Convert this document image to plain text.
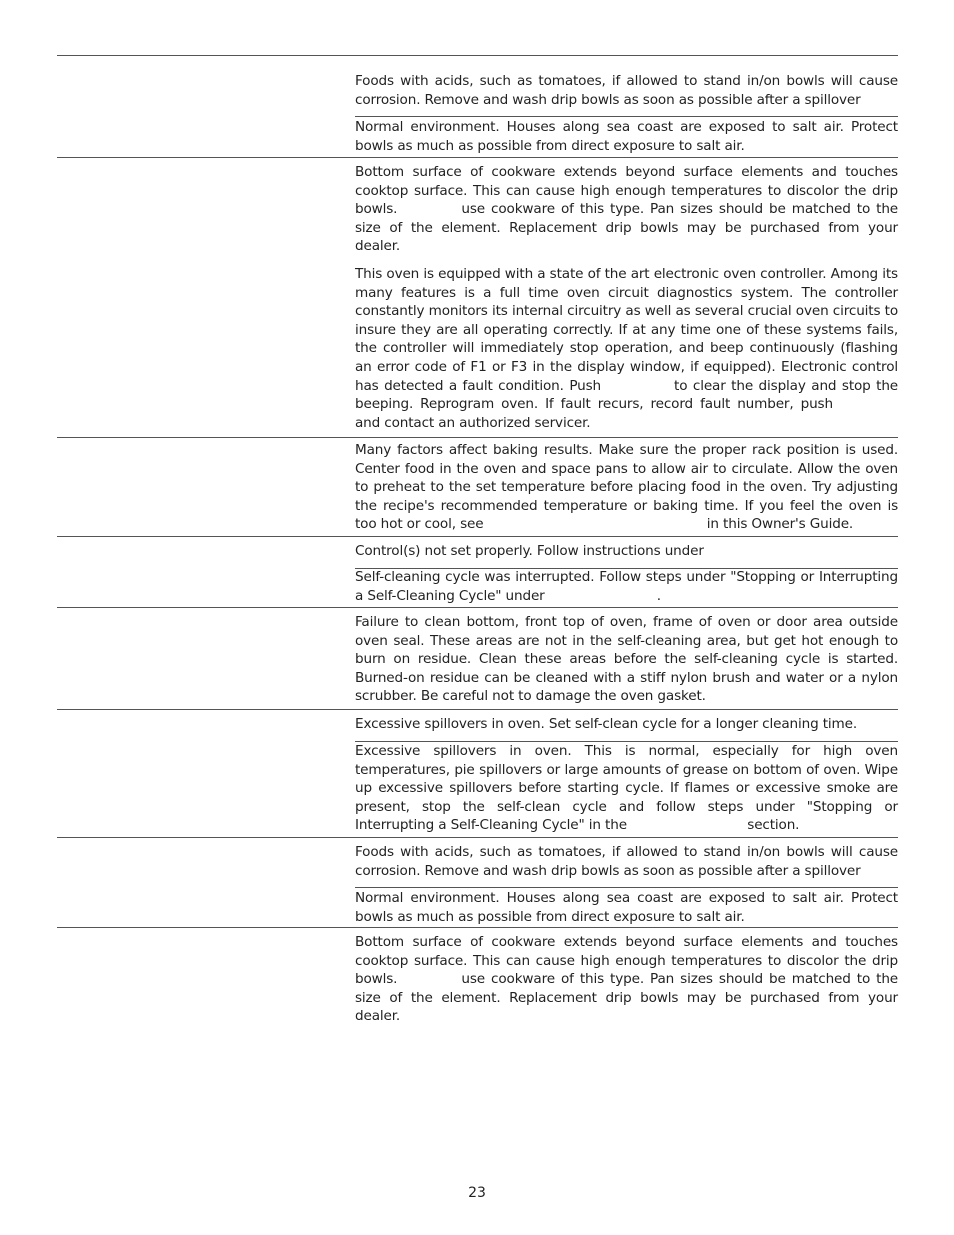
Foods with acids, such as tomatoes, if allowed to stand in/on bowls will cause corrosion. Remove and wash drip bowls as soon as possible after a spillover

Normal environment. Houses along sea coast are exposed to salt air. Protect bowls as much as possible from direct exposure to salt air.

Bottom surface of cookware extends beyond surface elements and touches cooktop surface. This can cause high enough temperatures to discolor the drip bowls.	use cookware of this type. Pan sizes should be matched to the size of the element. Replacement drip bowls may be purchased from your dealer.

This oven is equipped with a state of the art electronic oven controller. Among its many features is a full time oven circuit diagnostics system. The controller constantly monitors its internal circuitry as well as several crucial oven circuits to insure they are all operating correctly. If at any time one of these systems fails, the controller will immediately stop operation, and beep continuously (flashing an error code of F1 or F3 in the display window, if equipped). Electronic control has detected a fault condition. Push	to clear the display and stop the beeping. Reprogram oven. If fault recurs, record fault number, push  and contact an authorized servicer.

Many factors affect baking results. Make sure the proper rack position is used. Center food in the oven and space pans to allow air to circulate. Allow the oven to preheat to the set temperature before placing food in the oven. Try adjusting the recipe's recommended temperature or baking time. If you feel the oven is too hot or cool, see	in this Owner's Guide.

Control(s) not set properly. Follow instructions under

Self-cleaning cycle was interrupted. Follow steps under "Stopping or Interrupting a Self-Cleaning Cycle" under	.

Failure to clean bottom, front top of oven, frame of oven or door area outside oven seal. These areas are not in the self-cleaning area, but get hot enough to burn on residue. Clean these areas before the self-cleaning cycle is started. Burned-on residue can be cleaned with a stiff nylon brush and water or a nylon scrubber. Be careful not to damage the oven gasket.

Excessive spillovers in oven. Set self-clean cycle for a longer cleaning time.

Excessive spillovers in oven. This is normal, especially for high oven temperatures, pie spillovers or large amounts of grease on bottom of oven. Wipe up excessive spillovers before starting cycle. If flames or excessive smoke are present, stop the self-clean cycle and follow steps under "Stopping or Interrupting a Self-Cleaning Cycle" in the	section.

Foods with acids, such as tomatoes, if allowed to stand in/on bowls will cause corrosion. Remove and wash drip bowls as soon as possible after a spillover

Normal environment. Houses along sea coast are exposed to salt air. Protect bowls as much as possible from direct exposure to salt air.

Bottom surface of cookware extends beyond surface elements and touches cooktop surface. This can cause high enough temperatures to discolor the drip bowls.	use cookware of this type. Pan sizes should be matched to the size of the element. Replacement drip bowls may be purchased from your dealer.

23
